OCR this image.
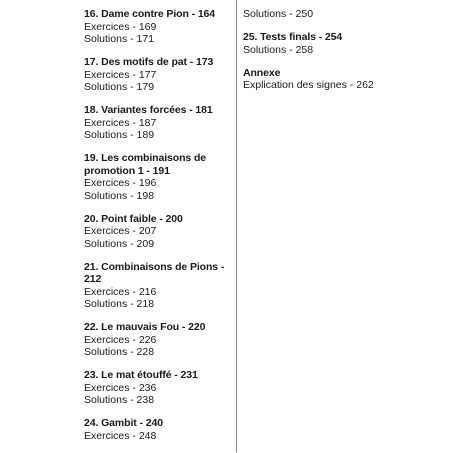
16. Dame contre Pion - 164
Exercices - 169
Solutions - 171
17. Des motifs de pat - 173
Exercices - 177
Solutions - 179
18. Variantes forcées - 181
Exercices - 187
Solutions - 189
19. Les combinaisons de
promotion 1 - 191
Exercices - 196
Solutions - 198
20. Point faible - 200
Exercices - 207
Solutions - 209
21. Combinaisons de Pions -
212
Exercices - 216
Solutions - 218
22. Le mauvais Fou - 220
Exercices - 226
Solutions - 228
23. Le mat étouffé - 231
Exercices - 236
Solutions - 238
24. Gambit - 240
Exercices - 248
Solutions - 250
25. Tests finals - 254
Solutions - 258
Annexe
Explication des signes - 262
